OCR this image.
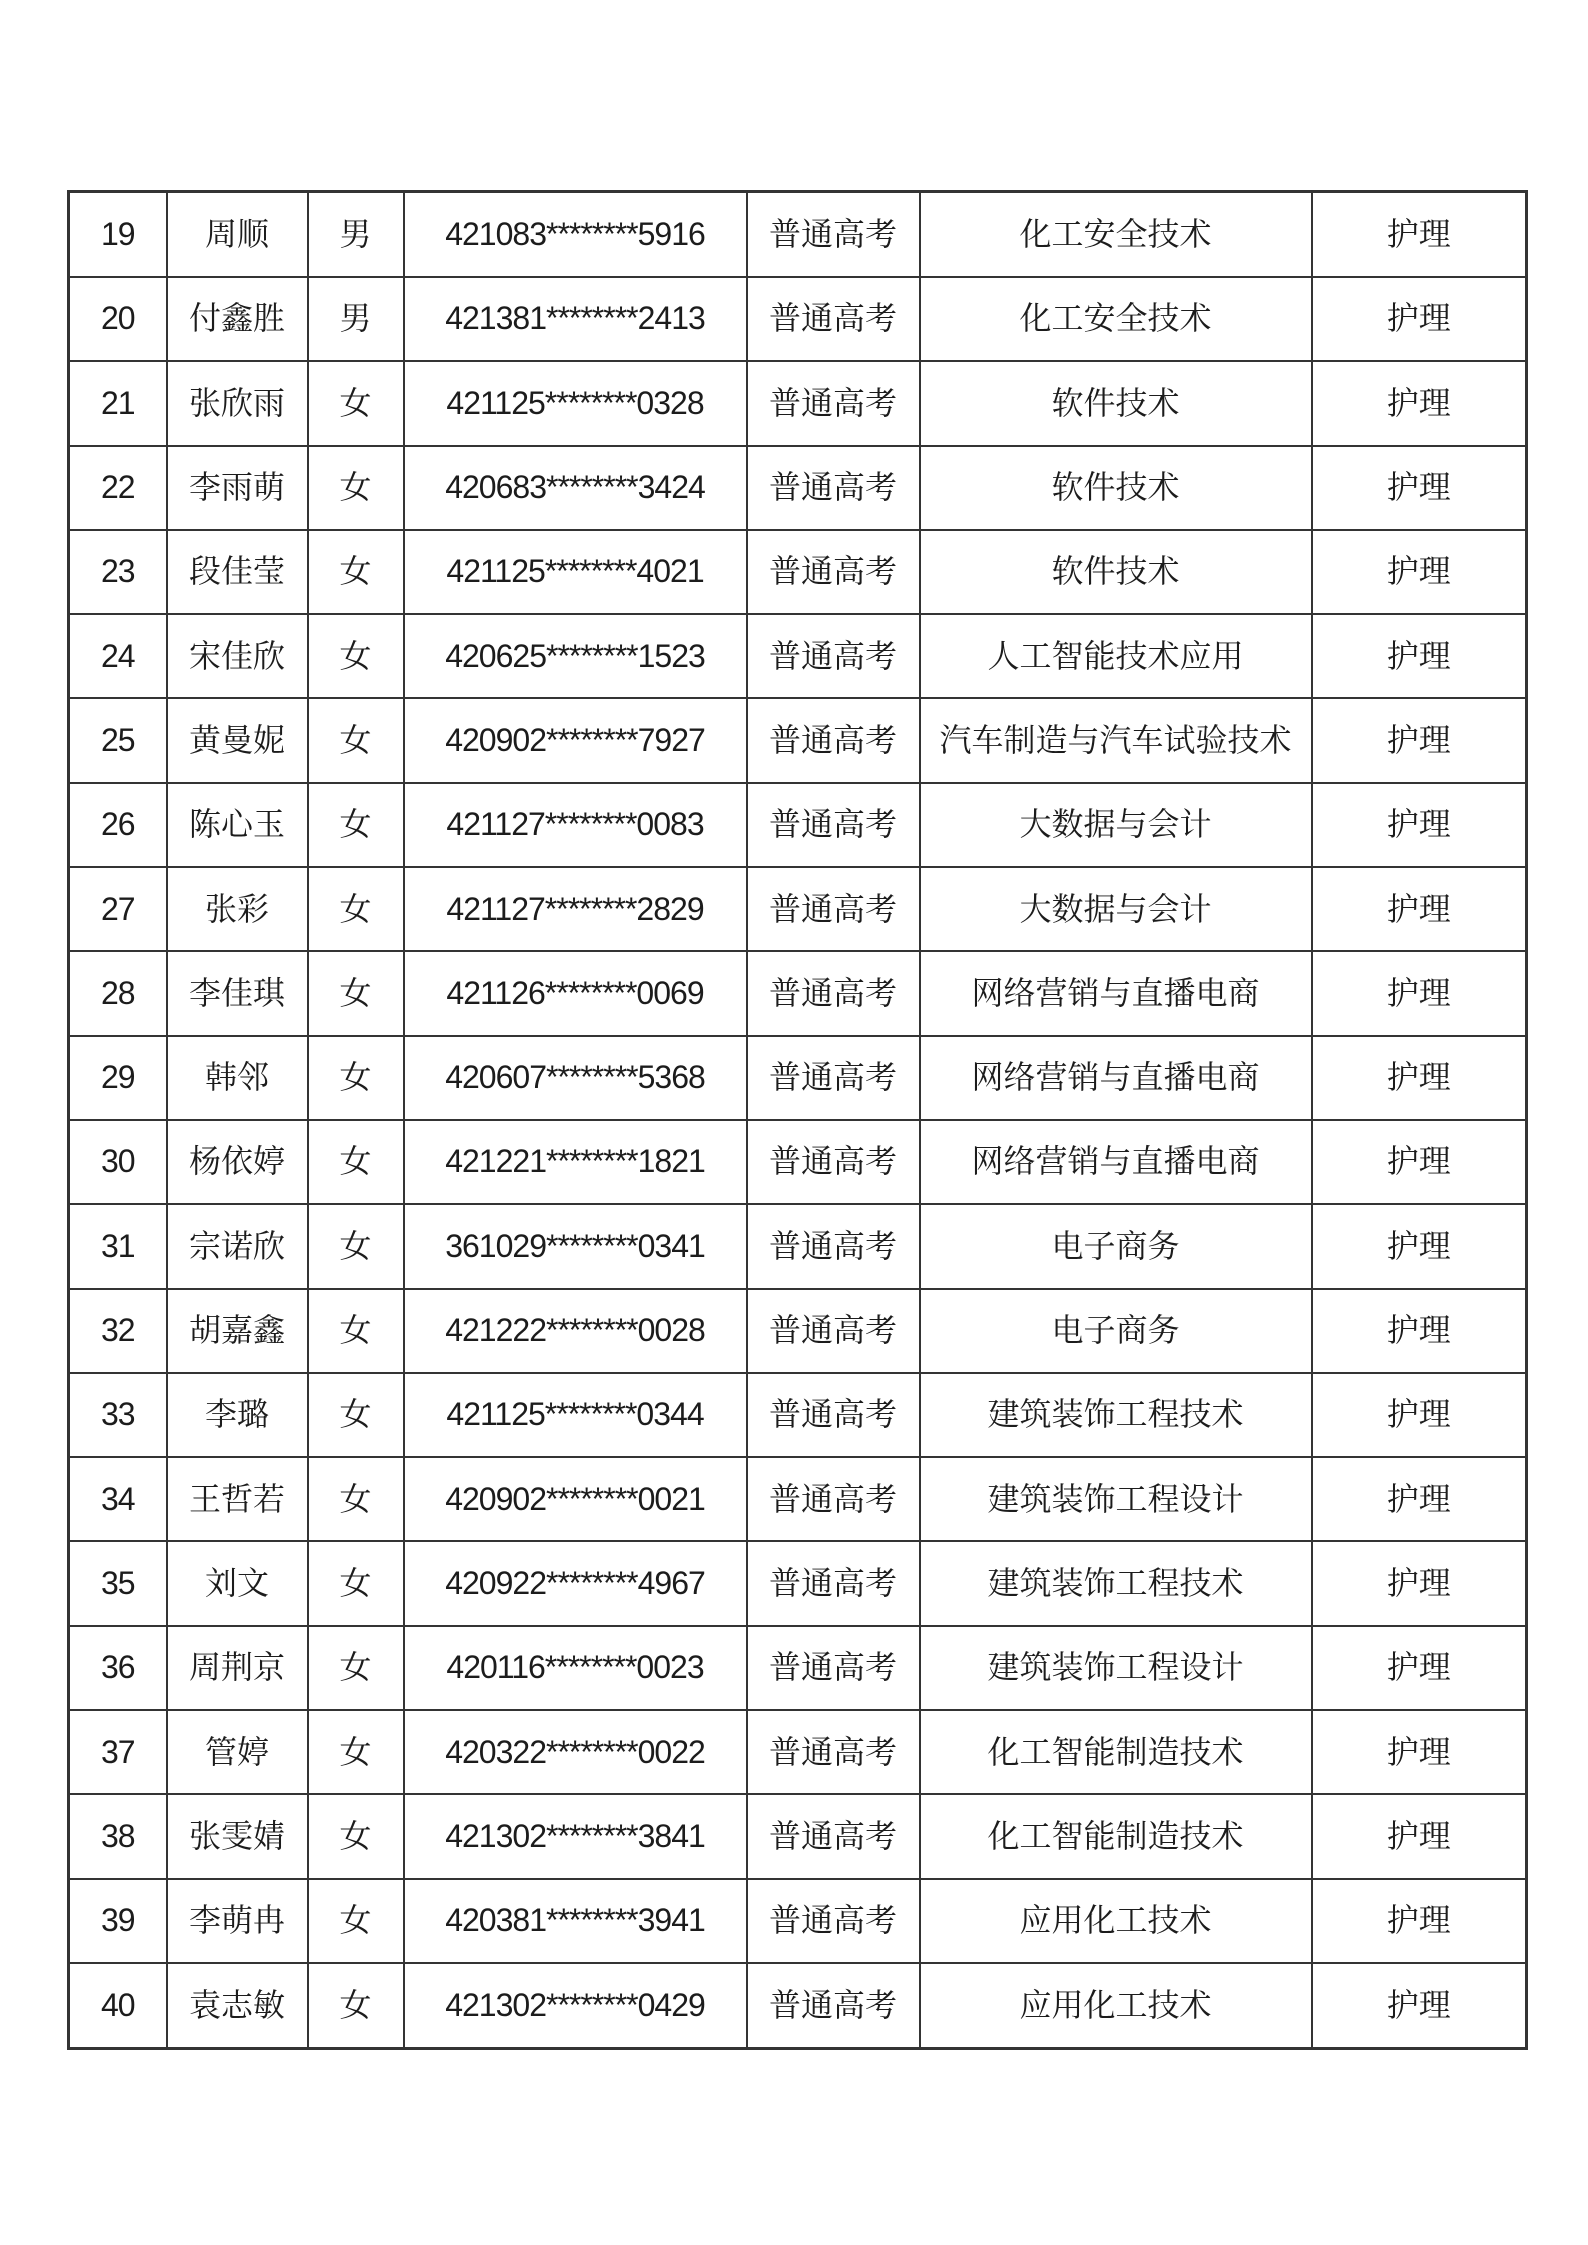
19	周顺	男	421083********5916	普通高考	化工安全技术	护理
20	付鑫胜	男	421381********2413	普通高考	化工安全技术	护理
21	张欣雨	女	421125********0328	普通高考	软件技术	护理
22	李雨萌	女	420683********3424	普通高考	软件技术	护理
23	段佳莹	女	421125********4021	普通高考	软件技术	护理
24	宋佳欣	女	420625********1523	普通高考	人工智能技术应用	护理
25	黄曼妮	女	420902********7927	普通高考	汽车制造与汽车试验技术	护理
26	陈心玉	女	421127********0083	普通高考	大数据与会计	护理
27	张彩	女	421127********2829	普通高考	大数据与会计	护理
28	李佳琪	女	421126********0069	普通高考	网络营销与直播电商	护理
29	韩邻	女	420607********5368	普通高考	网络营销与直播电商	护理
30	杨依婷	女	421221********1821	普通高考	网络营销与直播电商	护理
31	宗诺欣	女	361029********0341	普通高考	电子商务	护理
32	胡嘉鑫	女	421222********0028	普通高考	电子商务	护理
33	李璐	女	421125********0344	普通高考	建筑装饰工程技术	护理
34	王哲若	女	420902********0021	普通高考	建筑装饰工程设计	护理
35	刘文	女	420922********4967	普通高考	建筑装饰工程技术	护理
36	周荆京	女	420116********0023	普通高考	建筑装饰工程设计	护理
37	管婷	女	420322********0022	普通高考	化工智能制造技术	护理
38	张雯婧	女	421302********3841	普通高考	化工智能制造技术	护理
39	李萌冉	女	420381********3941	普通高考	应用化工技术	护理
40	袁志敏	女	421302********0429	普通高考	应用化工技术	护理
